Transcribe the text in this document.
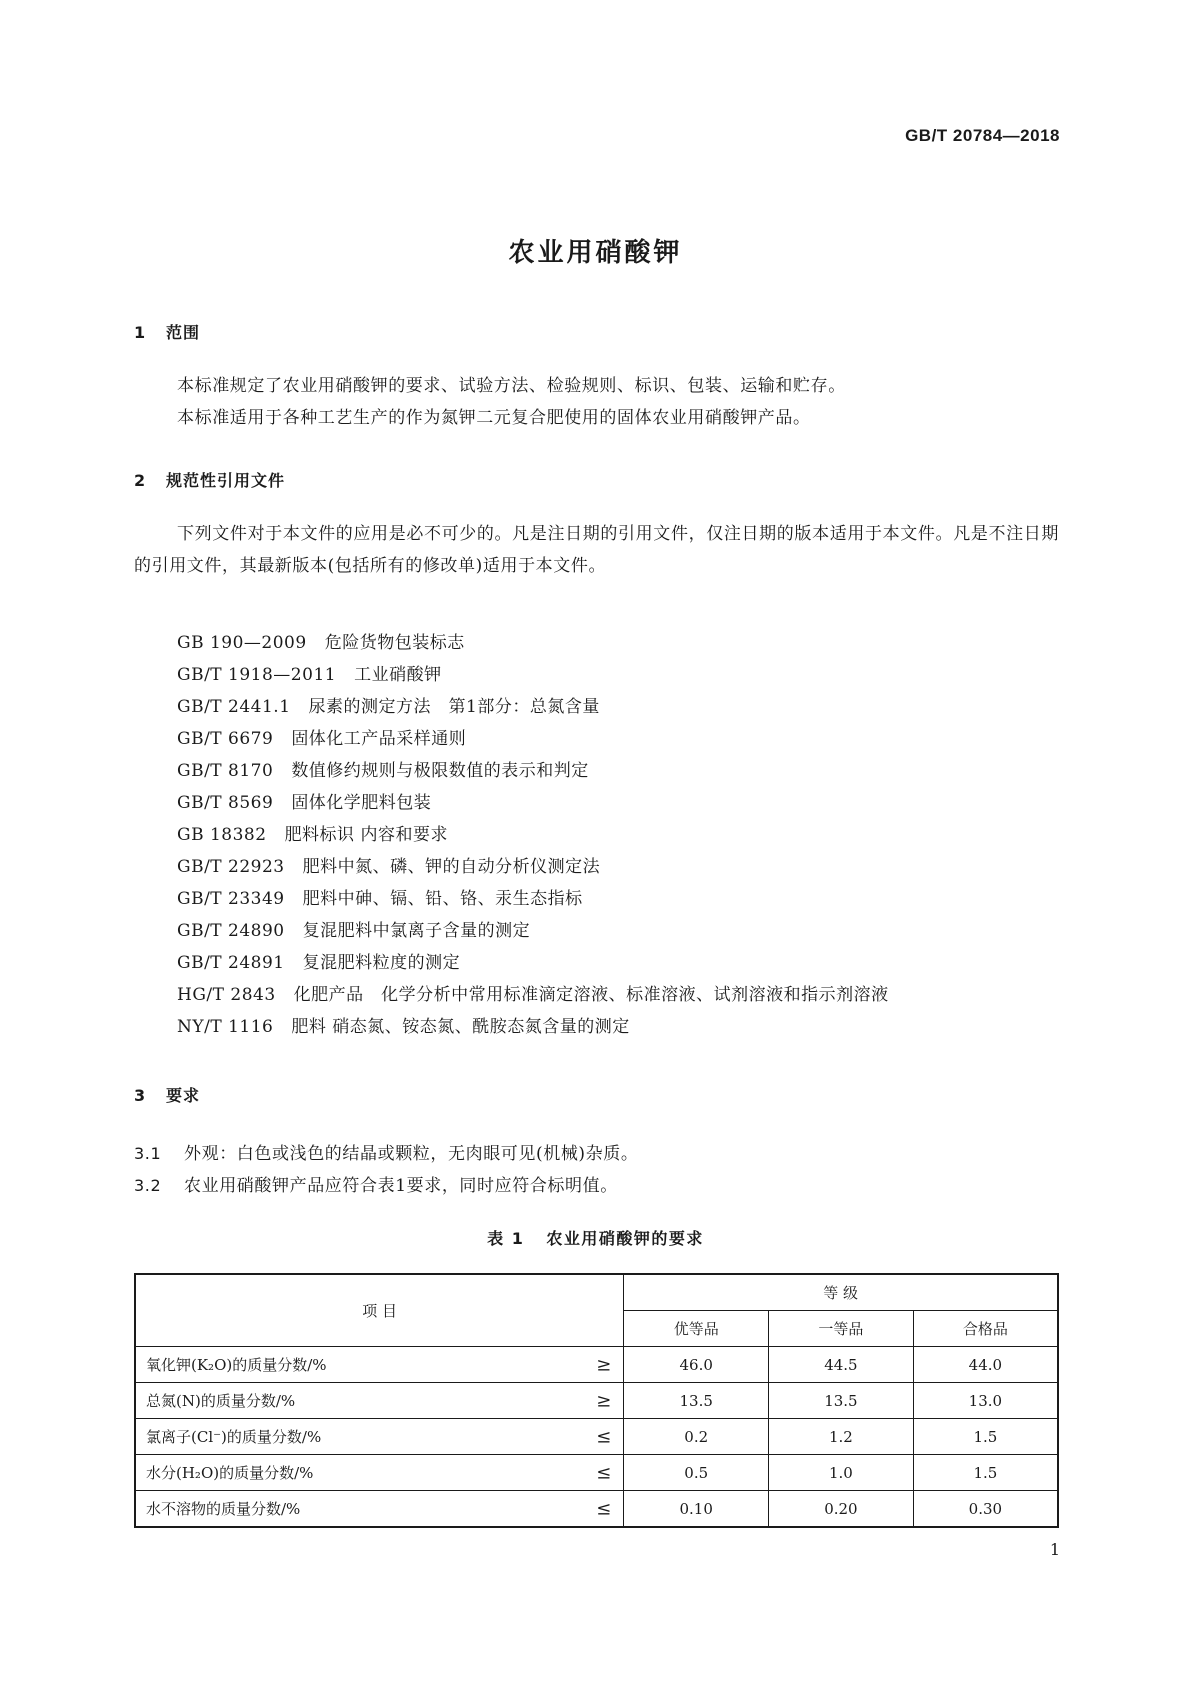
GB/T 20784—2018
农业用硝酸钾
1 范围
本标准规定了农业用硝酸钾的要求、试验方法、检验规则、标识、包装、运输和贮存。
本标准适用于各种工艺生产的作为氮钾二元复合肥使用的固体农业用硝酸钾产品。
2 规范性引用文件
下列文件对于本文件的应用是必不可少的。凡是注日期的引用文件，仅注日期的版本适用于本文件。凡是不注日期的引用文件，其最新版本(包括所有的修改单)适用于本文件。
GB 190—2009 危险货物包装标志
GB/T 1918—2011 工业硝酸钾
GB/T 2441.1 尿素的测定方法　第1部分：总氮含量
GB/T 6679 固体化工产品采样通则
GB/T 8170 数值修约规则与极限数值的表示和判定
GB/T 8569 固体化学肥料包装
GB 18382 肥料标识 内容和要求
GB/T 22923 肥料中氮、磷、钾的自动分析仪测定法
GB/T 23349 肥料中砷、镉、铅、铬、汞生态指标
GB/T 24890 复混肥料中氯离子含量的测定
GB/T 24891 复混肥料粒度的测定
HG/T 2843 化肥产品　化学分析中常用标准滴定溶液、标准溶液、试剂溶液和指示剂溶液
NY/T 1116 肥料 硝态氮、铵态氮、酰胺态氮含量的测定
3 要求
3.1 外观：白色或浅色的结晶或颗粒，无肉眼可见(机械)杂质。
3.2 农业用硝酸钾产品应符合表1要求，同时应符合标明值。
表 1 农业用硝酸钾的要求
项 目	等 级		
	优等品	一等品	合格品
氧化钾(K₂O)的质量分数/% ≥	46.0	44.5	44.0
总氮(N)的质量分数/% ≥	13.5	13.5	13.0
氯离子(Cl⁻)的质量分数/% ≤	0.2	1.2	1.5
水分(H₂O)的质量分数/% ≤	0.5	1.0	1.5
水不溶物的质量分数/% ≤	0.10	0.20	0.30
1
